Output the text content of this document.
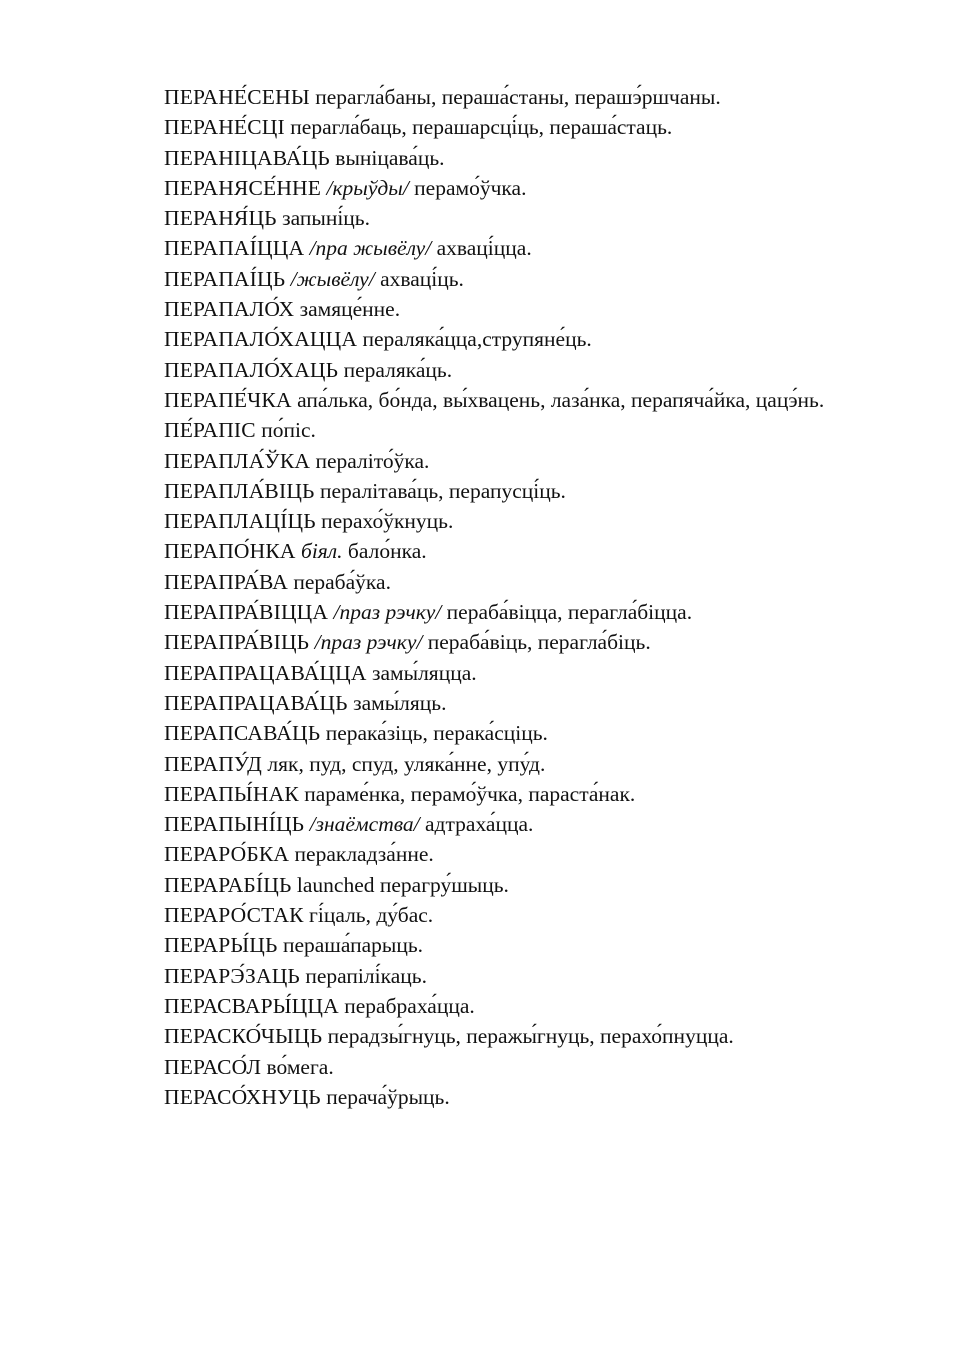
ПЕРАНЕ́СЕНЫ перагла́баны, пераша́станы, перашэ́ршчаны.

ПЕРАНЕ́СЦІ перагла́баць, перашарсці́ць, пераша́стаць.

ПЕРАНІЦАВА́ЦЬ выніцава́ць.

ПЕРАНЯСЕ́ННЕ /крыўды/ перамо́ўчка.

ПЕРАНЯ́ЦЬ запыні́ць.

ПЕРАПАІ́ЦЦА /пра жывёлу/ ахваці́цца.

ПЕРАПАІ́ЦЬ /жывёлу/ ахваці́ць.

ПЕРАПАЛО́Х замяце́нне.

ПЕРАПАЛО́ХАЦЦА пераляка́цца,струпяне́ць.

ПЕРАПАЛО́ХАЦЬ пераляка́ць.

ПЕРАПЕ́ЧКА апа́лька, бо́нда, вы́хвацень, лаза́нка, перапяча́йка, цацэ́нь.

ПЕ́РАПІС по́піс.

ПЕРАПЛА́ЎКА пераліто́ўка.

ПЕРАПЛА́ВІЦЬ пералітава́ць, перапусці́ць.

ПЕРАПЛАЦІ́ЦЬ перахо́ўкнуць.

ПЕРАПО́НКА біял. бало́нка.

ПЕРАПРА́ВА пераба́ўка.

ПЕРАПРА́ВІЦЦА /праз рэчку/ пераба́віцца, перагла́біцца.

ПЕРАПРА́ВІЦЬ /праз рэчку/ пераба́віць, перагла́біць.

ПЕРАПРАЦАВА́ЦЦА замы́ляцца.

ПЕРАПРАЦАВА́ЦЬ замы́ляць.

ПЕРАПСАВА́ЦЬ перака́зіць, перака́сціць.

ПЕРАПУ́Д ляк, пуд, спуд, уляка́нне, упу́д.

ПЕРАПЫ́НАК параме́нка, перамо́ўчка, параста́нак.

ПЕРАПЫНІ́ЦЬ /знаёмства/ адтраха́цца.

ПЕРАРО́БКА перакладза́нне.

ПЕРАРАБІ́ЦЬ launched перагру́шыць.

ПЕРАРО́СТАК гі́цаль, ду́бас.

ПЕРАРЫ́ЦЬ пераша́парыць.

ПЕРАРЭ́ЗАЦЬ перапілі́каць.

ПЕРАСВАРЫ́ЦЦА перабраха́цца.

ПЕРАСКО́ЧЫЦЬ перадзы́гнуць, перажы́гнуць, перахо́пнуцца.

ПЕРАСО́Л во́мега.

ПЕРАСО́ХНУЦЬ перача́ўрыць.
